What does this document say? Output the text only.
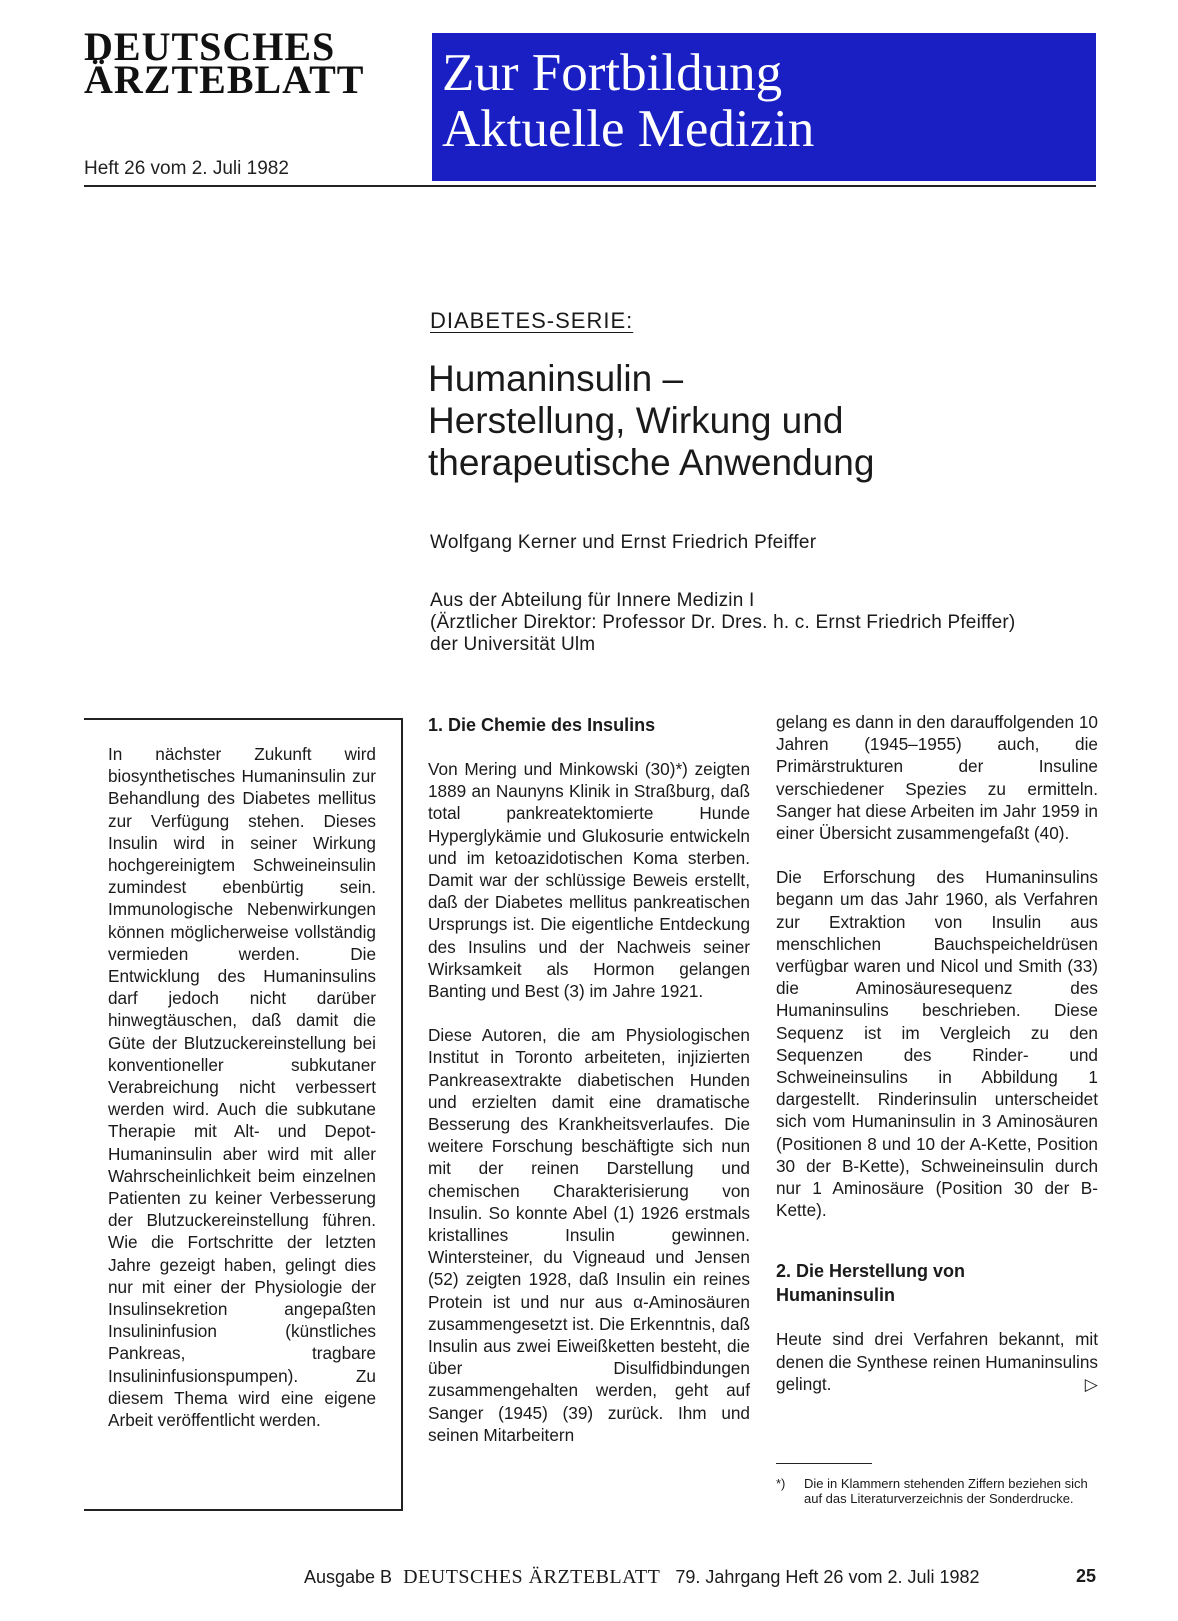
DEUTSCHES
ÄRZTEBLATT
Heft 26 vom 2. Juli 1982
Zur Fortbildung
Aktuelle Medizin
DIABETES-SERIE:
Humaninsulin –
Herstellung, Wirkung und
therapeutische Anwendung
Wolfgang Kerner und Ernst Friedrich Pfeiffer
Aus der Abteilung für Innere Medizin I
(Ärztlicher Direktor: Professor Dr. Dres. h. c. Ernst Friedrich Pfeiffer)
der Universität Ulm

In nächster Zukunft wird biosynthetisches Humaninsulin zur Behandlung des Diabetes mellitus zur Verfügung stehen. Dieses Insulin wird in seiner Wirkung hochgereinigtem Schweineinsulin zumindest ebenbürtig sein. Immunologische Nebenwirkungen können möglicherweise vollständig vermieden werden. Die Entwicklung des Humaninsulins darf jedoch nicht darüber hinwegtäuschen, daß damit die Güte der Blutzuckereinstellung bei konventioneller subkutaner Verabreichung nicht verbessert werden wird. Auch die subkutane Therapie mit Alt- und Depot-Humaninsulin aber wird mit aller Wahrscheinlichkeit beim einzelnen Patienten zu keiner Verbesserung der Blutzuckereinstellung führen. Wie die Fortschritte der letzten Jahre gezeigt haben, gelingt dies nur mit einer der Physiologie der Insulinsekretion angepaßten Insulininfusion (künstliches Pankreas, tragbare Insulininfusionspumpen). Zu diesem Thema wird eine eigene Arbeit veröffentlicht werden.

1. Die Chemie des Insulins

Von Mering und Minkowski (30)*) zeigten 1889 an Naunyns Klinik in Straßburg, daß total pankreatektomierte Hunde Hyperglykämie und Glukosurie entwickeln und im ketoazidotischen Koma sterben. Damit war der schlüssige Beweis erstellt, daß der Diabetes mellitus pankreatischen Ursprungs ist. Die eigentliche Entdeckung des Insulins und der Nachweis seiner Wirksamkeit als Hormon gelangen Banting und Best (3) im Jahre 1921.

Diese Autoren, die am Physiologischen Institut in Toronto arbeiteten, injizierten Pankreasextrakte diabetischen Hunden und erzielten damit eine dramatische Besserung des Krankheitsverlaufes. Die weitere Forschung beschäftigte sich nun mit der reinen Darstellung und chemischen Charakterisierung von Insulin. So konnte Abel (1) 1926 erstmals kristallines Insulin gewinnen. Wintersteiner, du Vigneaud und Jensen (52) zeigten 1928, daß Insulin ein reines Protein ist und nur aus α-Aminosäuren zusammengesetzt ist. Die Erkenntnis, daß Insulin aus zwei Eiweißketten besteht, die über Disulfidbindungen zusammengehalten werden, geht auf Sanger (1945) (39) zurück. Ihm und seinen Mitarbeitern

gelang es dann in den darauffolgenden 10 Jahren (1945–1955) auch, die Primärstrukturen der Insuline verschiedener Spezies zu ermitteln. Sanger hat diese Arbeiten im Jahr 1959 in einer Übersicht zusammengefaßt (40).

Die Erforschung des Humaninsulins begann um das Jahr 1960, als Verfahren zur Extraktion von Insulin aus menschlichen Bauchspeicheldrüsen verfügbar waren und Nicol und Smith (33) die Aminosäuresequenz des Humaninsulins beschrieben. Diese Sequenz ist im Vergleich zu den Sequenzen des Rinder- und Schweineinsulins in Abbildung 1 dargestellt. Rinderinsulin unterscheidet sich vom Humaninsulin in 3 Aminosäuren (Positionen 8 und 10 der A-Kette, Position 30 der B-Kette), Schweineinsulin durch nur 1 Aminosäure (Position 30 der B-Kette).

2. Die Herstellung von
Humaninsulin

Heute sind drei Verfahren bekannt, mit denen die Synthese reinen Humaninsulins gelingt.	▷

*) Die in Klammern stehenden Ziffern beziehen sich auf das Literaturverzeichnis der Sonderdrucke.
Ausgabe B DEUTSCHES ÄRZTEBLATT 79. Jahrgang Heft 26 vom 2. Juli 1982	25
